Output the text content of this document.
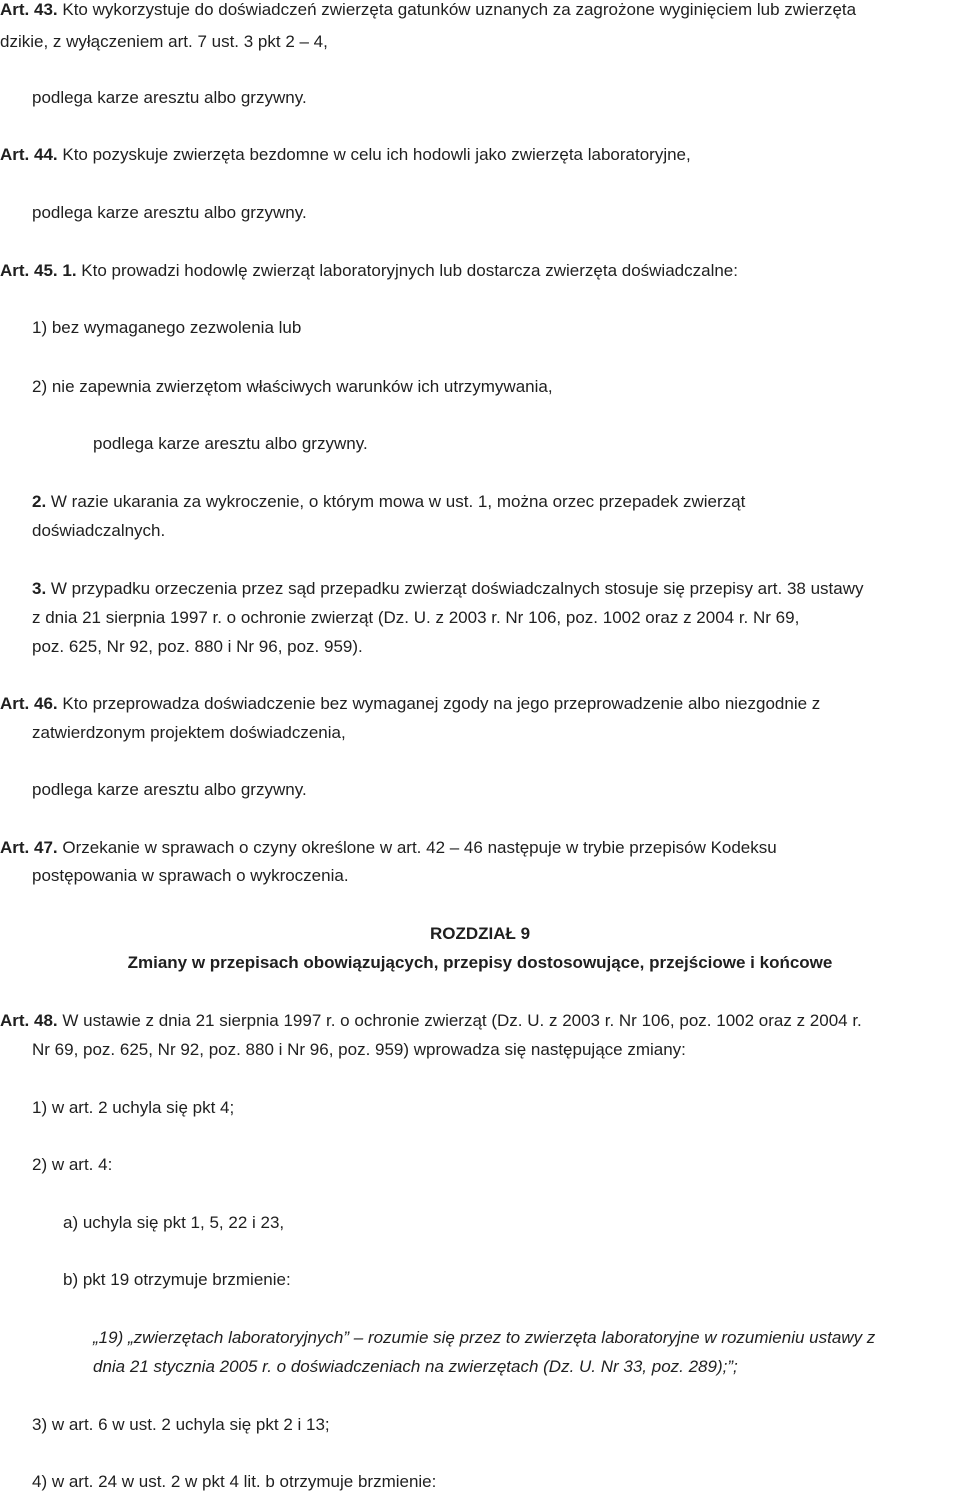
Art. 43. Kto wykorzystuje do doświadczeń zwierzęta gatunków uznanych za zagrożone wyginięciem lub zwierzęta
dzikie, z wyłączeniem art. 7 ust. 3 pkt 2 – 4,
podlega karze aresztu albo grzywny.
Art. 44. Kto pozyskuje zwierzęta bezdomne w celu ich hodowli jako zwierzęta laboratoryjne,
podlega karze aresztu albo grzywny.
Art. 45. 1. Kto prowadzi hodowlę zwierząt laboratoryjnych lub dostarcza zwierzęta doświadczalne:
1) bez wymaganego zezwolenia lub
2) nie zapewnia zwierzętom właściwych warunków ich utrzymywania,
podlega karze aresztu albo grzywny.
2. W razie ukarania za wykroczenie, o którym mowa w ust. 1, można orzec przepadek zwierząt
doświadczalnych.
3. W przypadku orzeczenia przez sąd przepadku zwierząt doświadczalnych stosuje się przepisy art. 38 ustawy
z dnia 21 sierpnia 1997 r. o ochronie zwierząt (Dz. U. z 2003 r. Nr 106, poz. 1002 oraz z 2004 r. Nr 69,
poz. 625, Nr 92, poz. 880 i Nr 96, poz. 959).
Art. 46. Kto przeprowadza doświadczenie bez wymaganej zgody na jego przeprowadzenie albo niezgodnie z
zatwierdzonym projektem doświadczenia,
podlega karze aresztu albo grzywny.
Art. 47. Orzekanie w sprawach o czyny określone w art. 42 – 46 następuje w trybie przepisów Kodeksu
postępowania w sprawach o wykroczenia.
ROZDZIAŁ 9
Zmiany w przepisach obowiązujących, przepisy dostosowujące, przejściowe i końcowe
Art. 48. W ustawie z dnia 21 sierpnia 1997 r. o ochronie zwierząt (Dz. U. z 2003 r. Nr 106, poz. 1002 oraz z 2004 r.
Nr 69, poz. 625, Nr 92, poz. 880 i Nr 96, poz. 959) wprowadza się następujące zmiany:
1) w art. 2 uchyla się pkt 4;
2) w art. 4:
a) uchyla się pkt 1, 5, 22 i 23,
b) pkt 19 otrzymuje brzmienie:
„19) „zwierzętach laboratoryjnych” – rozumie się przez to zwierzęta laboratoryjne w rozumieniu ustawy z
dnia 21 stycznia 2005 r. o doświadczeniach na zwierzętach (Dz. U. Nr 33, poz. 289);”;
3) w art. 6 w ust. 2 uchyla się pkt 2 i 13;
4) w art. 24 w ust. 2 w pkt 4 lit. b otrzymuje brzmienie:
